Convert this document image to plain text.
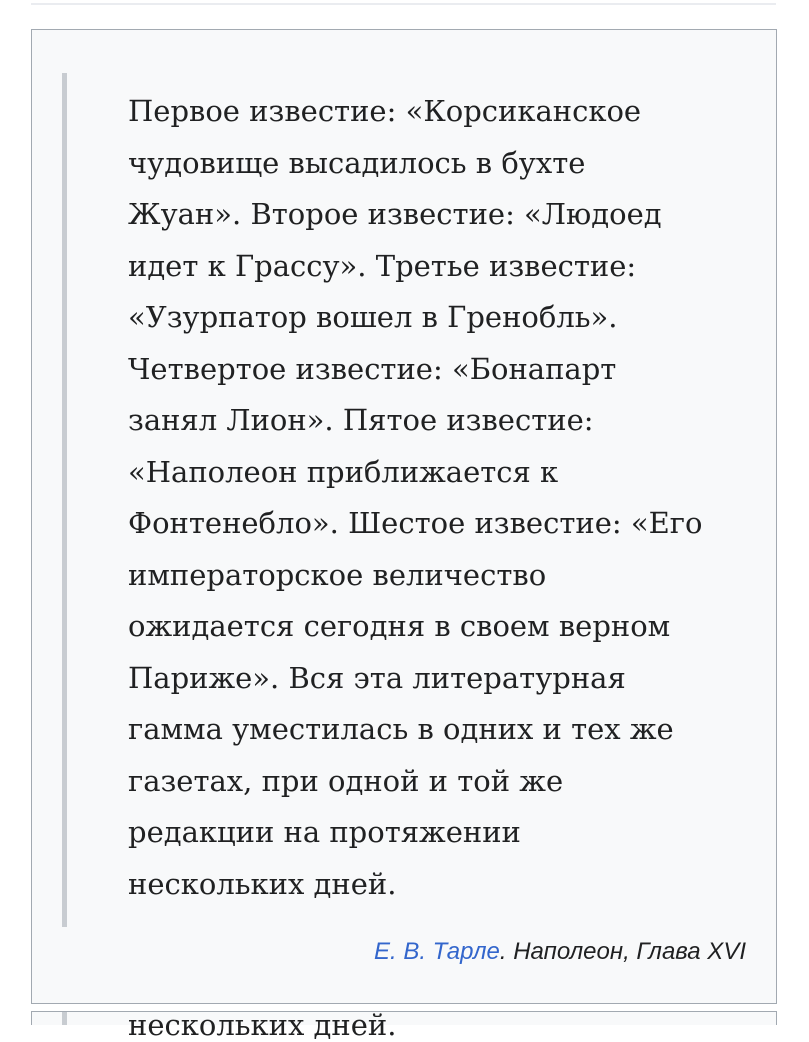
Первое известие: «Корсиканское
чудовище высадилось в бухте
Жуан». Второе известие: «Людоед
идет к Грассу». Третье известие:
«Узурпатор вошел в Гренобль».
Четвертое известие: «Бонапарт
занял Лион». Пятое известие:
«Наполеон приближается к
Фонтенебло». Шестое известие: «Его
императорское величество
ожидается сегодня в своем верном
Париже». Вся эта литературная
гамма уместилась в одних и тех же
газетах, при одной и той же
редакции на протяжении
нескольких дней.
Е. В. Тарле. Наполеон, Глава XVI
нескольких дней.
